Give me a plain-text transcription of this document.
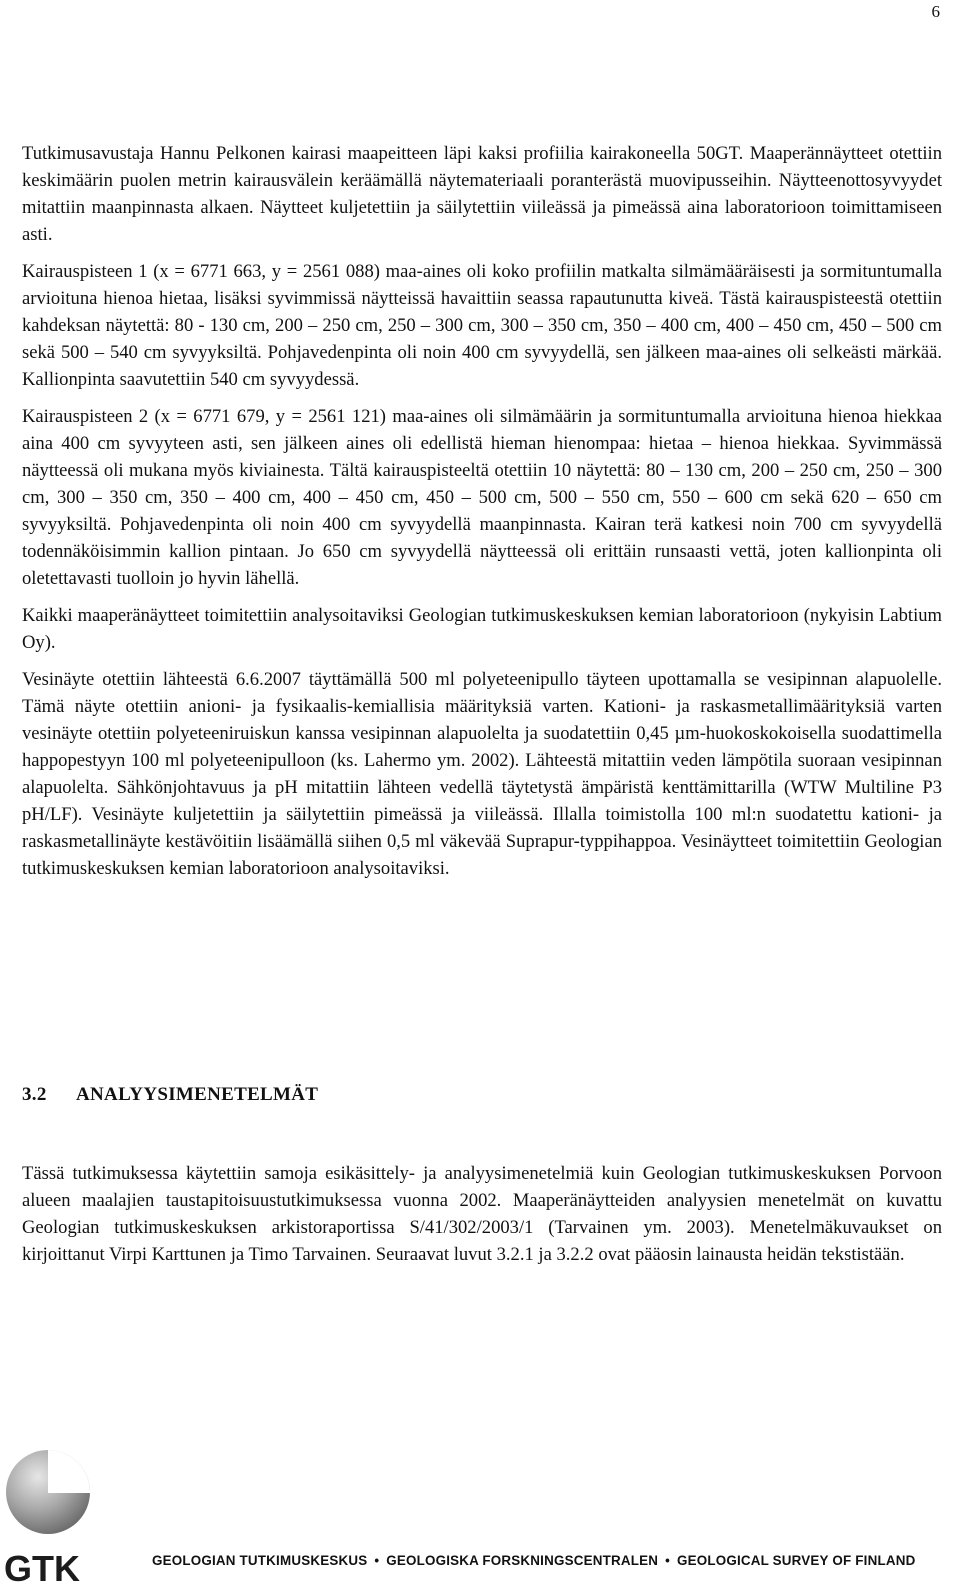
6

Tutkimusavustaja Hannu Pelkonen kairasi maapeitteen läpi kaksi profiilia kairakoneella 50GT. Maaperännäytteet otettiin keskimäärin puolen metrin kairausvälein keräämällä näytemateriaali poranterästä muovipusseihin. Näytteenottosyvyydet mitattiin maanpinnasta alkaen. Näytteet kuljetettiin ja säilytettiin viileässä ja pimeässä aina laboratorioon toimittamiseen asti.

Kairauspisteen 1 (x = 6771 663, y = 2561 088) maa-aines oli koko profiilin matkalta silmämääräisesti ja sormituntumalla arvioituna hienoa hietaa, lisäksi syvimmissä näytteissä havaittiin seassa rapautunutta kiveä. Tästä kairauspisteestä otettiin kahdeksan näytettä: 80 - 130 cm, 200 – 250 cm, 250 – 300 cm, 300 – 350 cm, 350 – 400 cm, 400 – 450 cm, 450 – 500 cm sekä 500 – 540 cm syvyyksiltä. Pohjavedenpinta oli noin 400 cm syvyydellä, sen jälkeen maa-aines oli selkeästi märkää. Kallionpinta saavutettiin 540 cm syvyydessä.

Kairauspisteen 2 (x = 6771 679, y = 2561 121) maa-aines oli silmämäärin ja sormituntumalla arvioituna hienoa hiekkaa aina 400 cm syvyyteen asti, sen jälkeen aines oli edellistä hieman hienompaa: hietaa – hienoa hiekkaa. Syvimmässä näytteessä oli mukana myös kiviainesta. Tältä kairauspisteeltä otettiin 10 näytettä: 80 – 130 cm, 200 – 250 cm, 250 – 300 cm, 300 – 350 cm, 350 – 400 cm, 400 – 450 cm, 450 – 500 cm, 500 – 550 cm, 550 – 600 cm sekä 620 – 650 cm syvyyksiltä. Pohjavedenpinta oli noin 400 cm syvyydellä maanpinnasta. Kairan terä katkesi noin 700 cm syvyydellä todennäköisimmin kallion pintaan. Jo 650 cm syvyydellä näytteessä oli erittäin runsaasti vettä, joten kallionpinta oli oletettavasti tuolloin jo hyvin lähellä.

Kaikki maaperänäytteet toimitettiin analysoitaviksi Geologian tutkimuskeskuksen kemian laboratorioon (nykyisin Labtium Oy).

Vesinäyte otettiin lähteestä 6.6.2007 täyttämällä 500 ml polyeteenipullo täyteen upottamalla se vesipinnan alapuolelle. Tämä näyte otettiin anioni- ja fysikaalis-kemiallisia määrityksiä varten. Kationi- ja raskasmetallimäärityksiä varten vesinäyte otettiin polyeteeniruiskun kanssa vesipinnan alapuolelta ja suodatettiin 0,45 µm-huokoskokoisella suodattimella happopestyyn 100 ml polyeteenipulloon (ks. Lahermo ym. 2002). Lähteestä mitattiin veden lämpötila suoraan vesipinnan alapuolelta. Sähkönjohtavuus ja pH mitattiin lähteen vedellä täytetystä ämpäristä kenttämittarilla (WTW Multiline P3 pH/LF). Vesinäyte kuljetettiin ja säilytettiin pimeässä ja viileässä. Illalla toimistolla 100 ml:n suodatettu kationi- ja raskasmetallinäyte kestävöitiin lisäämällä siihen 0,5 ml väkevää Suprapur-typpihappoa. Vesinäytteet toimitettiin Geologian tutkimuskeskuksen kemian laboratorioon analysoitaviksi.

3.2 ANALYYSIMENETELMÄT
Tässä tutkimuksessa käytettiin samoja esikäsittely- ja analyysimenetelmiä kuin Geologian tutkimuskeskuksen Porvoon alueen maalajien taustapitoisuustutkimuksessa vuonna 2002. Maaperänäytteiden analyysien menetelmät on kuvattu Geologian tutkimuskeskuksen arkistoraportissa S/41/302/2003/1 (Tarvainen ym. 2003). Menetelmäkuvaukset on kirjoittanut Virpi Karttunen ja Timo Tarvainen. Seuraavat luvut 3.2.1 ja 3.2.2 ovat pääosin lainausta heidän tekstistään.
GTK	GEOLOGIAN TUTKIMUSKESKUS • GEOLOGISKA FORSKNINGSCENTRALEN • GEOLOGICAL SURVEY OF FINLAND
